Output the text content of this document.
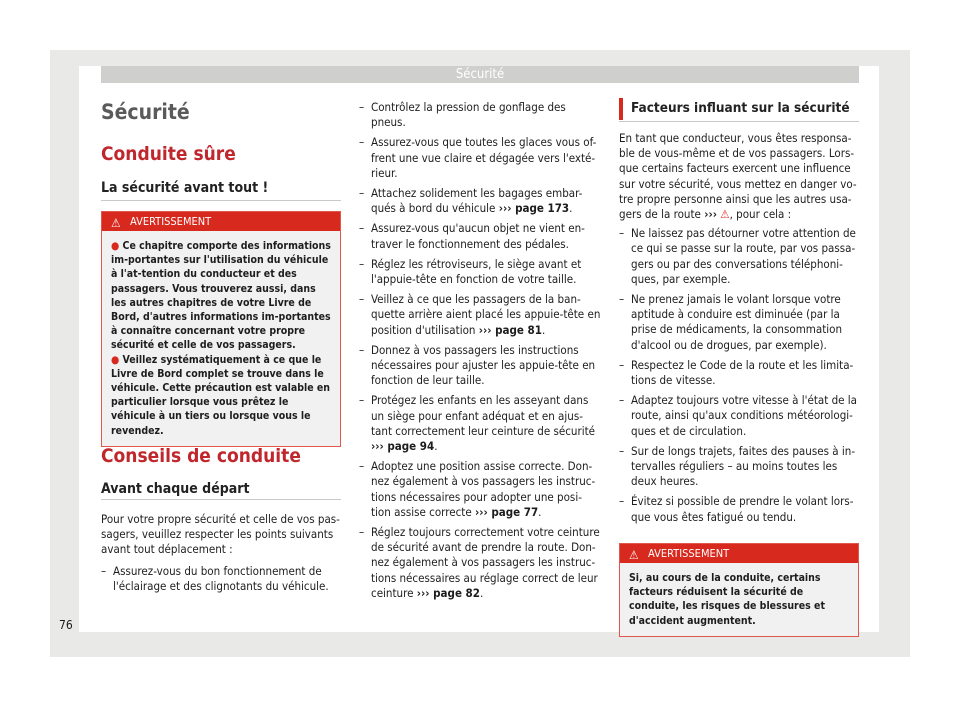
Sécurité
Sécurité
Conduite sûre
La sécurité avant tout !
⚠ AVERTISSEMENT

● Ce chapitre comporte des informations im-portantes sur l'utilisation du véhicule à l'at-tention du conducteur et des passagers. Vous trouverez aussi, dans les autres chapitres de votre Livre de Bord, d'autres informations im-portantes à connaître concernant votre propre sécurité et celle de vos passagers.

● Veillez systématiquement à ce que le Livre de Bord complet se trouve dans le véhicule. Cette précaution est valable en particulier lorsque vous prêtez le véhicule à un tiers ou lorsque vous le revendez.

Conseils de conduite
Avant chaque départ
Pour votre propre sécurité et celle de vos pas-sagers, veuillez respecter les points suivants avant tout déplacement :
– Assurez-vous du bon fonctionnement de l'éclairage et des clignotants du véhicule.
– Contrôlez la pression de gonflage des pneus.
– Assurez-vous que toutes les glaces vous of-frent une vue claire et dégagée vers l'exté-rieur.
– Attachez solidement les bagages embar-qués à bord du véhicule ››› page 173.
– Assurez-vous qu'aucun objet ne vient en-traver le fonctionnement des pédales.
– Réglez les rétroviseurs, le siège avant et l'appuie-tête en fonction de votre taille.
– Veillez à ce que les passagers de la ban-quette arrière aient placé les appuie-tête en position d'utilisation ››› page 81.
– Donnez à vos passagers les instructions nécessaires pour ajuster les appuie-tête en fonction de leur taille.
– Protégez les enfants en les asseyant dans un siège pour enfant adéquat et en ajus-tant correctement leur ceinture de sécurité ››› page 94.
– Adoptez une position assise correcte. Don-nez également à vos passagers les instruc-tions nécessaires pour adopter une posi-tion assise correcte ››› page 77.
– Réglez toujours correctement votre ceinture de sécurité avant de prendre la route. Don-nez également à vos passagers les instruc-tions nécessaires au réglage correct de leur ceinture ››› page 82.
Facteurs influant sur la sécurité
En tant que conducteur, vous êtes responsa-ble de vous-même et de vos passagers. Lors-que certains facteurs exercent une influence sur votre sécurité, vous mettez en danger vo-tre propre personne ainsi que les autres usa-gers de la route ››› ⚠, pour cela :
– Ne laissez pas détourner votre attention de ce qui se passe sur la route, par vos passa-gers ou par des conversations téléphoni-ques, par exemple.
– Ne prenez jamais le volant lorsque votre aptitude à conduire est diminuée (par la prise de médicaments, la consommation d'alcool ou de drogues, par exemple).
– Respectez le Code de la route et les limita-tions de vitesse.
– Adaptez toujours votre vitesse à l'état de la route, ainsi qu'aux conditions météorologi-ques et de circulation.
– Sur de longs trajets, faites des pauses à in-tervalles réguliers – au moins toutes les deux heures.
– Évitez si possible de prendre le volant lors-que vous êtes fatigué ou tendu.
⚠ AVERTISSEMENT
Si, au cours de la conduite, certains facteurs réduisent la sécurité de conduite, les risques de blessures et d'accident augmentent.
76
